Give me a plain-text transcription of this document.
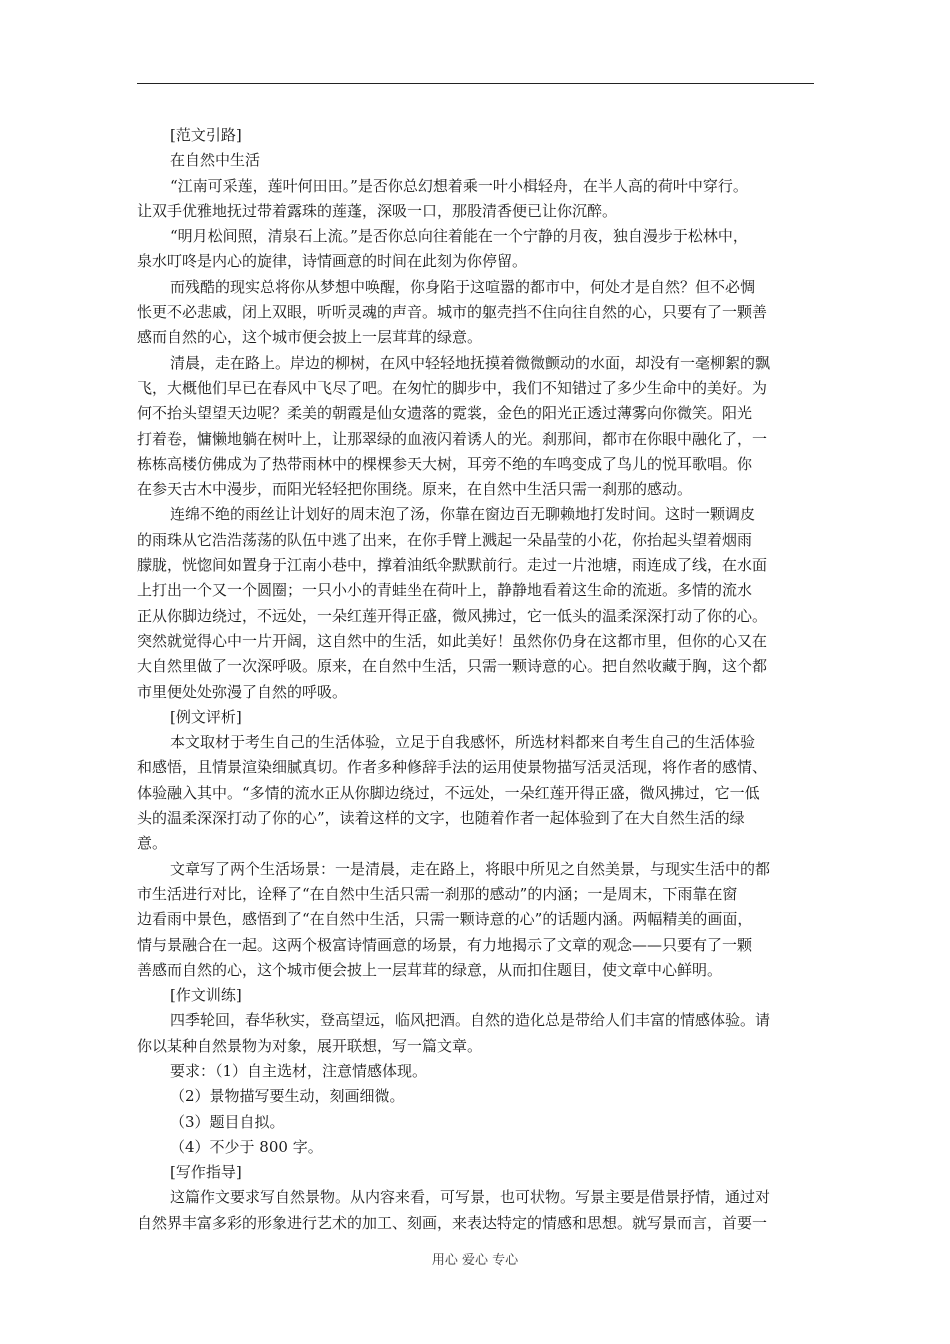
[范文引路]
在自然中生活
“江南可采莲，莲叶何田田。”是否你总幻想着乘一叶小楫轻舟，在半人高的荷叶中穿行。
让双手优雅地抚过带着露珠的莲蓬，深吸一口，那股清香便已让你沉醉。
“明月松间照，清泉石上流。”是否你总向往着能在一个宁静的月夜，独自漫步于松林中，
泉水叮咚是内心的旋律，诗情画意的时间在此刻为你停留。
而残酷的现实总将你从梦想中唤醒，你身陷于这喧嚣的都市中，何处才是自然？但不必惆
怅更不必悲戚，闭上双眼，听听灵魂的声音。城市的躯壳挡不住向往自然的心，只要有了一颗善
感而自然的心，这个城市便会披上一层茸茸的绿意。
清晨，走在路上。岸边的柳树，在风中轻轻地抚摸着微微颤动的水面，却没有一毫柳絮的飘
飞，大概他们早已在春风中飞尽了吧。在匆忙的脚步中，我们不知错过了多少生命中的美好。为
何不抬头望望天边呢？柔美的朝霞是仙女遗落的霓裳，金色的阳光正透过薄雾向你微笑。阳光
打着卷，慵懒地躺在树叶上，让那翠绿的血液闪着诱人的光。刹那间，都市在你眼中融化了，一
栋栋高楼仿佛成为了热带雨林中的棵棵参天大树，耳旁不绝的车鸣变成了鸟儿的悦耳歌唱。你
在参天古木中漫步，而阳光轻轻把你围绕。原来，在自然中生活只需一刹那的感动。
连绵不绝的雨丝让计划好的周末泡了汤，你靠在窗边百无聊赖地打发时间。这时一颗调皮
的雨珠从它浩浩荡荡的队伍中逃了出来，在你手臂上溅起一朵晶莹的小花，你抬起头望着烟雨
朦胧，恍惚间如置身于江南小巷中，撑着油纸伞默默前行。走过一片池塘，雨连成了线，在水面
上打出一个又一个圆圈；一只小小的青蛙坐在荷叶上，静静地看着这生命的流逝。多情的流水
正从你脚边绕过，不远处，一朵红莲开得正盛，微风拂过，它一低头的温柔深深打动了你的心。
突然就觉得心中一片开阔，这自然中的生活，如此美好！虽然你仍身在这都市里，但你的心又在
大自然里做了一次深呼吸。原来，在自然中生活，只需一颗诗意的心。把自然收藏于胸，这个都
市里便处处弥漫了自然的呼吸。
[例文评析]
本文取材于考生自己的生活体验，立足于自我感怀，所选材料都来自考生自己的生活体验
和感悟，且情景渲染细腻真切。作者多种修辞手法的运用使景物描写活灵活现，将作者的感情、
体验融入其中。“多情的流水正从你脚边绕过，不远处，一朵红莲开得正盛，微风拂过，它一低
头的温柔深深打动了你的心”，读着这样的文字，也随着作者一起体验到了在大自然生活的绿
意。
文章写了两个生活场景：一是清晨，走在路上，将眼中所见之自然美景，与现实生活中的都
市生活进行对比，诠释了“在自然中生活只需一刹那的感动”的内涵；一是周末，下雨靠在窗
边看雨中景色，感悟到了“在自然中生活，只需一颗诗意的心”的话题内涵。两幅精美的画面，
情与景融合在一起。这两个极富诗情画意的场景，有力地揭示了文章的观念——只要有了一颗
善感而自然的心，这个城市便会披上一层茸茸的绿意，从而扣住题目，使文章中心鲜明。
[作文训练]
四季轮回，春华秋实，登高望远，临风把酒。自然的造化总是带给人们丰富的情感体验。请
你以某种自然景物为对象，展开联想，写一篇文章。
要求：（1）自主选材，注意情感体现。
（2）景物描写要生动，刻画细微。
（3）题目自拟。
（4）不少于 800 字。
[写作指导]
这篇作文要求写自然景物。从内容来看，可写景，也可状物。写景主要是借景抒情，通过对
自然界丰富多彩的形象进行艺术的加工、刻画，来表达特定的情感和思想。就写景而言，首要一
用心 爱心 专心
